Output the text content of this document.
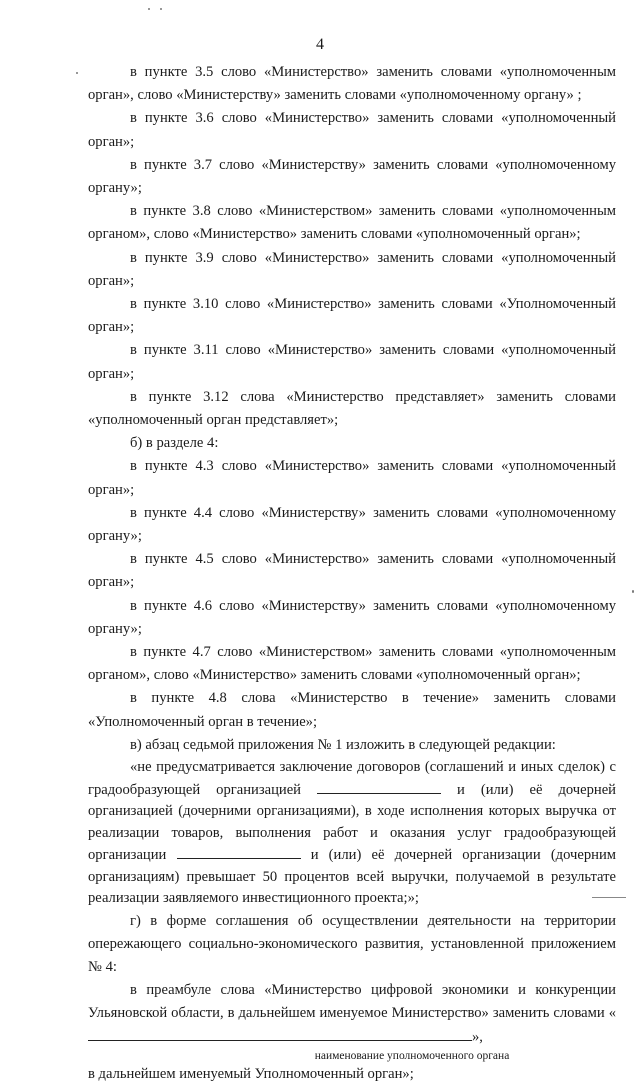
4

в пункте 3.5 слово «Министерство» заменить словами «уполномоченным орган», слово «Министерству» заменить словами «уполномоченному органу» ;

в пункте 3.6 слово «Министерство» заменить словами «уполномоченный орган»;

в пункте 3.7 слово «Министерству» заменить словами «уполномоченному органу»;

в пункте 3.8 слово «Министерством» заменить словами «уполномоченным органом», слово «Министерство» заменить словами «уполномоченный орган»;

в пункте 3.9 слово «Министерство» заменить словами «уполномоченный орган»;

в пункте 3.10 слово «Министерство» заменить словами «Уполномоченный орган»;

в пункте 3.11 слово «Министерство» заменить словами «уполномоченный орган»;

в пункте 3.12 слова «Министерство представляет» заменить словами «уполномоченный орган представляет»;

б) в разделе 4:

в пункте 4.3 слово «Министерство» заменить словами «уполномоченный орган»;

в пункте 4.4 слово «Министерству» заменить словами «уполномоченному органу»;

в пункте 4.5 слово «Министерство» заменить словами «уполномоченный орган»;

в пункте 4.6 слово «Министерству» заменить словами «уполномоченному органу»;

в пункте 4.7 слово «Министерством» заменить словами «уполномоченным органом», слово «Министерство» заменить словами «уполномоченный орган»;

в пункте 4.8 слова «Министерство в течение» заменить словами «Уполномоченный орган в течение»;

в) абзац седьмой приложения № 1 изложить в следующей редакции:

«не предусматривается заключение договоров (соглашений и иных сделок) с градообразующей организацией	и (или) её дочерней организацией (дочерними организациями), в ходе исполнения которых выручка от реализации товаров, выполнения работ и оказания услуг градообразующей организации	и (или) её дочерней организации (дочерним организациям) превышает 50 процентов всей выручки, получаемой в результате реализации заявляемого инвестиционного проекта;»;

г) в форме соглашения об осуществлении деятельности на территории опережающего социально-экономического развития, установленной приложением № 4:

в преамбуле слова «Министерство цифровой экономики и конкуренции Ульяновской области, в дальнейшем именуемое Министерство» заменить словами «»,

наименование уполномоченного органа

в дальнейшем именуемый Уполномоченный орган»;
